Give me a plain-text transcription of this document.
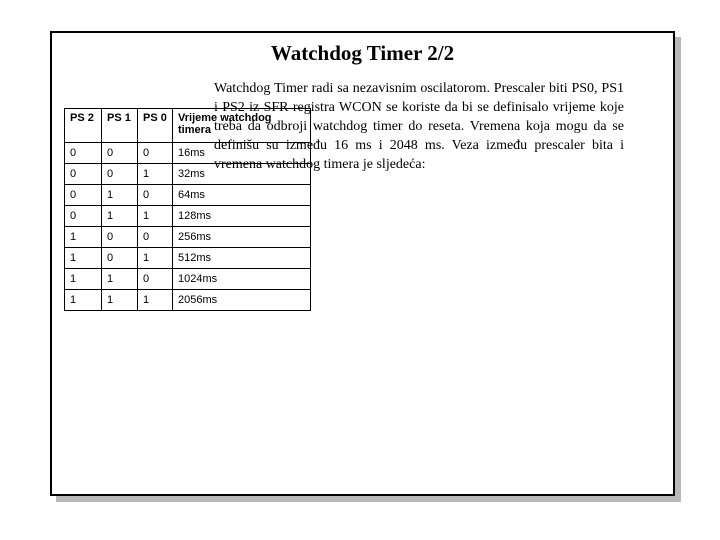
Watchdog Timer 2/2
Watchdog Timer radi sa nezavisnim oscilatorom. Prescaler biti PS0, PS1 i PS2 iz SFR registra WCON se koriste da bi se definisalo vrijeme koje treba da odbroji watchdog timer do reseta. Vremena koja mogu da se definišu su između 16 ms i 2048 ms. Veza između prescaler bita i vremena watchdog timera je sljedeća:
PS 2	PS 1	PS 0	Vrijeme watchdog timera
0	0	0	16ms
0	0	1	32ms
0	1	0	64ms
0	1	1	128ms
1	0	0	256ms
1	0	1	512ms
1	1	0	1024ms
1	1	1	2056ms
